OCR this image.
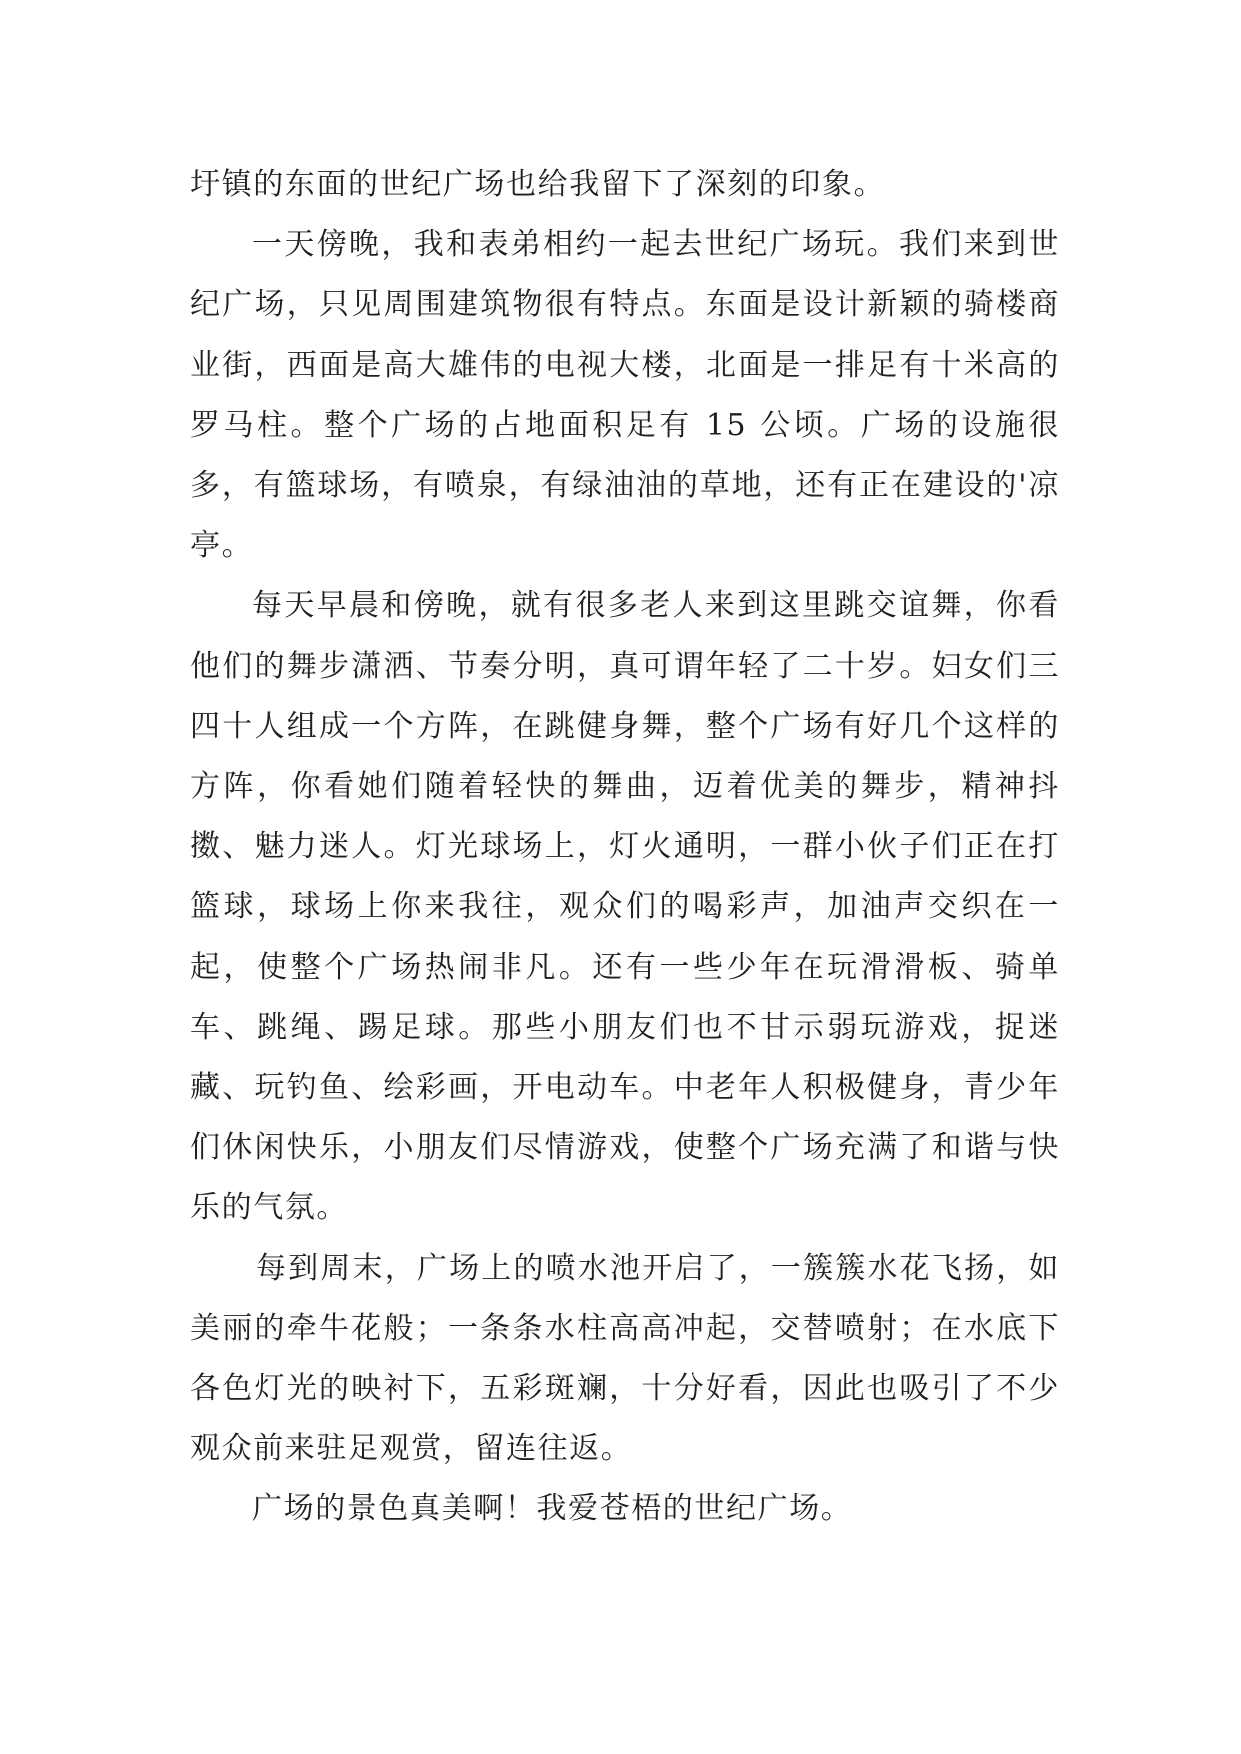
圩镇的东面的世纪广场也给我留下了深刻的印象。

一天傍晚，我和表弟相约一起去世纪广场玩。我们来到世纪广场，只见周围建筑物很有特点。东面是设计新颖的骑楼商业街，西面是高大雄伟的电视大楼，北面是一排足有十米高的罗马柱。整个广场的占地面积足有 15 公顷。广场的设施很多，有篮球场，有喷泉，有绿油油的草地，还有正在建设的'凉亭。

每天早晨和傍晚，就有很多老人来到这里跳交谊舞，你看他们的舞步潇洒、节奏分明，真可谓年轻了二十岁。妇女们三四十人组成一个方阵，在跳健身舞，整个广场有好几个这样的方阵，你看她们随着轻快的舞曲，迈着优美的舞步，精神抖擞、魅力迷人。灯光球场上，灯火通明，一群小伙子们正在打篮球，球场上你来我往，观众们的喝彩声，加油声交织在一起，使整个广场热闹非凡。还有一些少年在玩滑滑板、骑单车、跳绳、踢足球。那些小朋友们也不甘示弱玩游戏，捉迷藏、玩钓鱼、绘彩画，开电动车。中老年人积极健身，青少年们休闲快乐，小朋友们尽情游戏，使整个广场充满了和谐与快乐的气氛。

每到周末，广场上的喷水池开启了，一簇簇水花飞扬，如美丽的牵牛花般；一条条水柱高高冲起，交替喷射；在水底下各色灯光的映衬下，五彩斑斓，十分好看，因此也吸引了不少观众前来驻足观赏，留连往返。

广场的景色真美啊！我爱苍梧的世纪广场。
